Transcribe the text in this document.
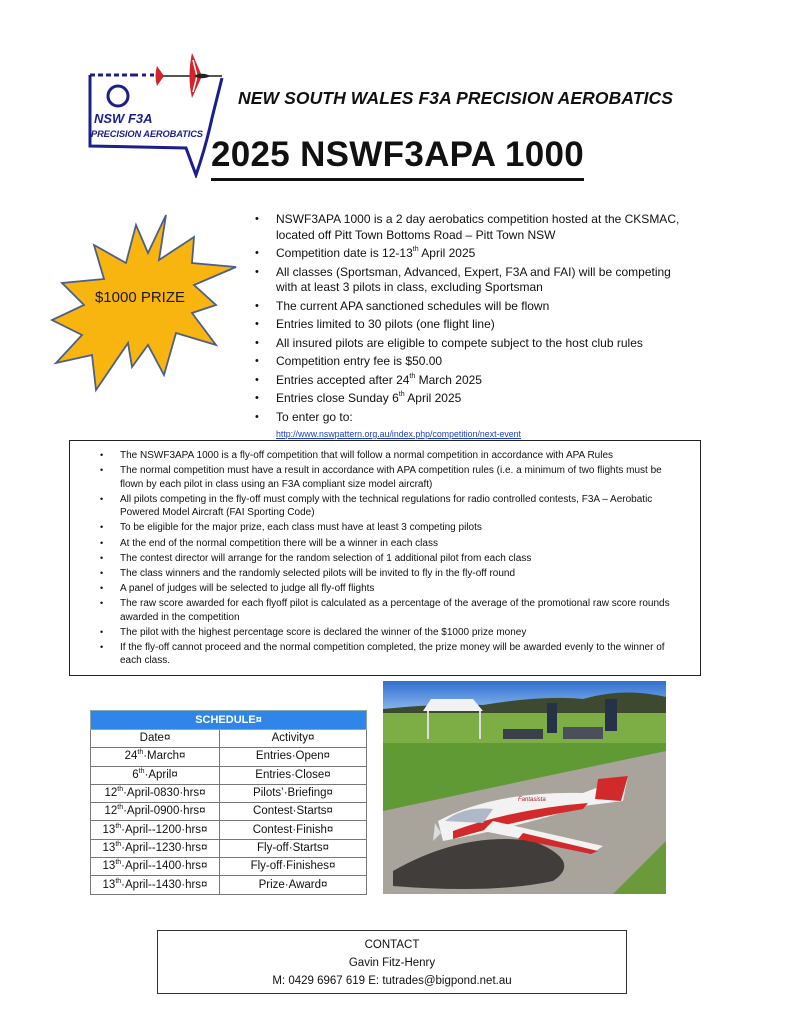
NSW F3A
PRECISION AEROBATICS
NEW SOUTH WALES F3A PRECISION AEROBATICS
2025 NSWF3APA 1000
$1000 PRIZE
• NSWF3APA 1000 is a 2 day aerobatics competition hosted at the CKSMAC, located off Pitt Town Bottoms Road – Pitt Town NSW
• Competition date is 12-13th April 2025
• All classes (Sportsman, Advanced, Expert, F3A and FAI) will be competing with at least 3 pilots in class, excluding Sportsman
• The current APA sanctioned schedules will be flown
• Entries limited to 30 pilots (one flight line)
• All insured pilots are eligible to compete subject to the host club rules
• Competition entry fee is $50.00
• Entries accepted after 24th March 2025
• Entries close Sunday 6th April 2025
• To enter go to:
http://www.nswpattern.org.au/index.php/competition/next-event
• The NSWF3APA 1000 is a fly-off competition that will follow a normal competition in accordance with APA Rules
• The normal competition must have a result in accordance with APA competition rules (i.e. a minimum of two flights must be flown by each pilot in class using an F3A compliant size model aircraft)
• All pilots competing in the fly-off must comply with the technical regulations for radio controlled contests, F3A – Aerobatic Powered Model Aircraft (FAI Sporting Code)
• To be eligible for the major prize, each class must have at least 3 competing pilots
• At the end of the normal competition there will be a winner in each class
• The contest director will arrange for the random selection of 1 additional pilot from each class
• The class winners and the randomly selected pilots will be invited to fly in the fly-off round
• A panel of judges will be selected to judge all fly-off flights
• The raw score awarded for each flyoff pilot is calculated as a percentage of the average of the promotional raw score rounds awarded in the competition
• The pilot with the highest percentage score is declared the winner of the $1000 prize money
• If the fly-off cannot proceed and the normal competition completed, the prize money will be awarded evenly to the winner of each class.
SCHEDULE¤	
Date¤	Activity¤
24th·March¤	Entries·Open¤
6th·April¤	Entries·Close¤
12th·April-0830·hrs¤	Pilots’·Briefing¤
12th·April-0900·hrs¤	Contest·Starts¤
13th·April--1200·hrs¤	Contest·Finish¤
13th·April--1230·hrs¤	Fly-off·Starts¤
13th·April--1400·hrs¤	Fly-off·Finishes¤
13th·April--1430·hrs¤	Prize·Award¤
Fantasista
CONTACT
Gavin Fitz-Henry
M: 0429 6967 619 E: tutrades@bigpond.net.au
